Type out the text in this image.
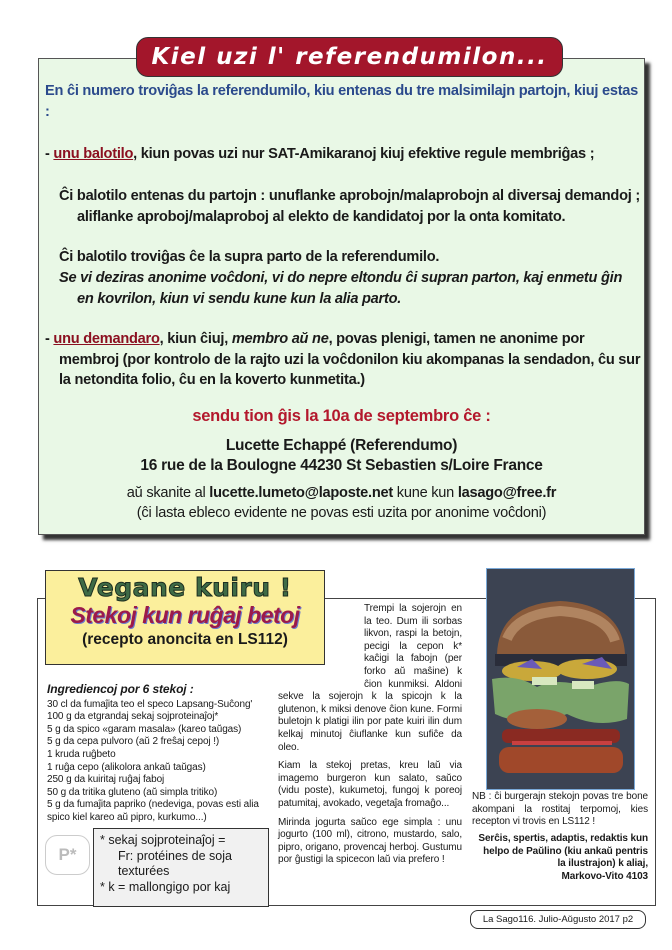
Kiel uzi l' referendumilon...
En ĉi numero troviĝas la referendumilo, kiu entenas du tre malsimilajn partojn, kiuj estas :
- unu balotilo, kiun povas uzi nur SAT-Amikaranoj kiuj efektive regule membriĝas ;
Ĉi balotilo entenas du partojn : unuflanke aprobojn/malaprobojn al diversaj demandoj ; aliflanke aproboj/malaproboj al elekto de kandidatoj por la onta komitato.
Ĉi balotilo troviĝas ĉe la supra parto de la referendumilo.
Se vi deziras anonime voĉdoni, vi do nepre eltondu ĉi supran parton, kaj enmetu ĝin en kovrilon, kiun vi sendu kune kun la alia parto.
- unu demandaro, kiun ĉiuj, membro aŭ ne, povas plenigi, tamen ne anonime por membroj (por kontrolo de la rajto uzi la voĉdonilon kiu akompanas la sendadon, ĉu sur la netondita folio, ĉu en la koverto kunmetita.)
sendu tion ĝis la 10a de septembro ĉe :
Lucette Echappé (Referendumo)
16 rue de la Boulogne 44230 St Sebastien s/Loire France
aŭ skanite al lucette.lumeto@laposte.net kune kun lasago@free.fr
(ĉi lasta ebleco evidente ne povas esti uzita por anonime voĉdoni)
Vegane kuiru !
Stekoj kun ruĝaj betoj
(recepto anoncita en LS112)
Ingrediencoj por 6 stekoj :
30 cl da fumaĵita teo el speco Lapsang-Suĉong'
100 g da etgrandaj sekaj sojproteinaĵoj*
5 g da spico «garam masala» (kareo taŭgas)
5 g da cepa pulvoro (aŭ 2 freŝaj cepoj !)
1 kruda ruĝbeto
1 ruĝa cepo (alikolora ankaŭ taŭgas)
250 g da kuiritaj ruĝaj faboj
50 g da tritika gluteno (aŭ simpla tritiko)
5 g da fumaĵita papriko (nedeviga, povas esti alia spico kiel kareo aŭ pipro, kurkumo...)

Trempi la sojerojn en la teo. Dum ili sorbas likvon, raspi la betojn, pecigi la cepon k* kaĉigi la fabojn (per forko aŭ maŝine) k ĉion kunmiksi. Aldoni sekve la sojerojn k la spicojn k la glutenon, k miksi denove ĉion kune. Formi buletojn k platigi ilin por pate kuiri ilin dum kelkaj minutoj ĉiuflanke kun sufiĉe da oleo.

Kiam la stekoj pretas, kreu laŭ via imagemo burgeron kun salato, saŭco (vidu poste), kukumetoj, fungoj k poreoj patumitaj, avokado, vegetaĵa fromaĝo...

Mirinda jogurta saŭco ege simpla : unu jogurto (100 ml), citrono, mustardo, salo, pipro, origano, provencaj herboj. Gustumu por ĝustigi la spicecon laŭ via prefero !

NB : ĉi burgerajn stekojn povas tre bone akompani la rostitaj terpomoj, kies recepton vi trovis en LS112 !
Serĉis, spertis, adaptis, redaktis kun
helpo de Paŭlino (kiu ankaŭ pentris
la ilustrajon) k aliaj,
Markovo-Vito 4103
P*
* sekaj sojproteinaĵoj =
Fr: protéines de soja
texturées
* k = mallongigo por kaj
La Sago116. Julio-Aŭgusto 2017 p2
